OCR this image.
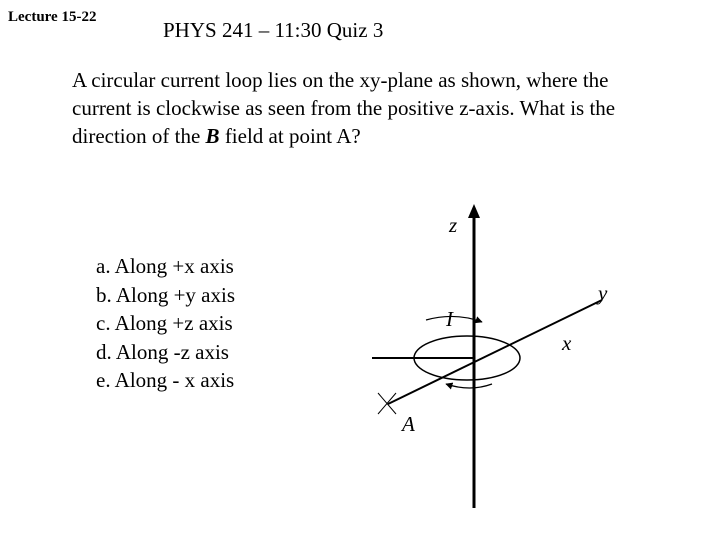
Lecture 15-22
PHYS 241 – 11:30 Quiz 3
A circular current loop lies on the xy-plane as shown, where the current is clockwise as seen from the positive z-axis. What is the direction of the B field at point A?
a. Along +x axis
b. Along +y axis
c. Along +z axis
d. Along -z axis
e. Along - x axis
z
y
x
I
A
